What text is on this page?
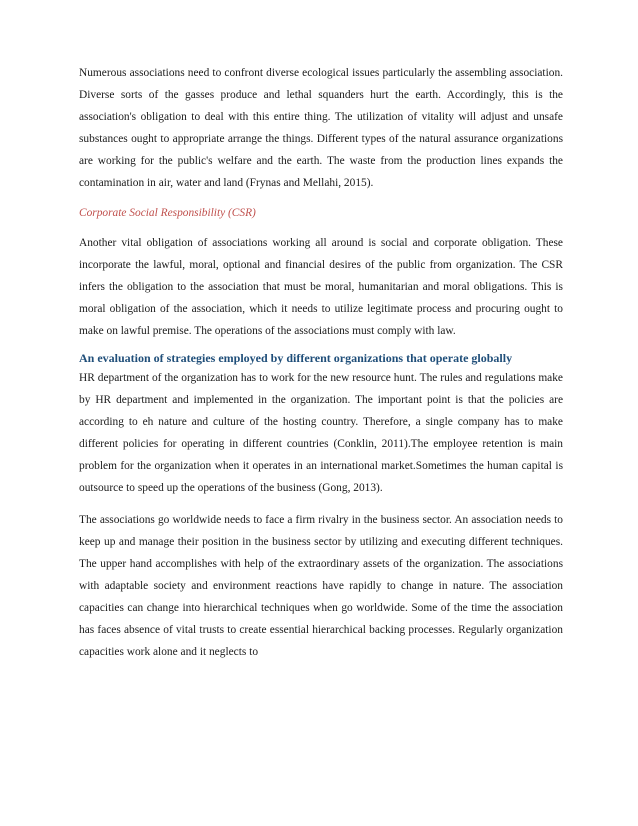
Numerous associations need to confront diverse ecological issues particularly the assembling association. Diverse sorts of the gasses produce and lethal squanders hurt the earth. Accordingly, this is the association's obligation to deal with this entire thing. The utilization of vitality will adjust and unsafe substances ought to appropriate arrange the things. Different types of the natural assurance organizations are working for the public's welfare and the earth. The waste from the production lines expands the contamination in air, water and land (Frynas and Mellahi, 2015).

Corporate Social Responsibility (CSR)

Another vital obligation of associations working all around is social and corporate obligation. These incorporate the lawful, moral, optional and financial desires of the public from organization. The CSR infers the obligation to the association that must be moral, humanitarian and moral obligations. This is moral obligation of the association, which it needs to utilize legitimate process and procuring ought to make on lawful premise. The operations of the associations must comply with law.

An evaluation of strategies employed by different organizations that operate globally

HR department of the organization has to work for the new resource hunt. The rules and regulations make by HR department and implemented in the organization. The important point is that the policies are according to eh nature and culture of the hosting country. Therefore, a single company has to make different policies for operating in different countries (Conklin, 2011).The employee retention is main problem for the organization when it operates in an international market.Sometimes the human capital is outsource to speed up the operations of the business (Gong, 2013).

The associations go worldwide needs to face a firm rivalry in the business sector. An association needs to keep up and manage their position in the business sector by utilizing and executing different techniques. The upper hand accomplishes with help of the extraordinary assets of the organization. The associations with adaptable society and environment reactions have rapidly to change in nature. The association capacities can change into hierarchical techniques when go worldwide. Some of the time the association has faces absence of vital trusts to create essential hierarchical backing processes. Regularly organization capacities work alone and it neglects to
